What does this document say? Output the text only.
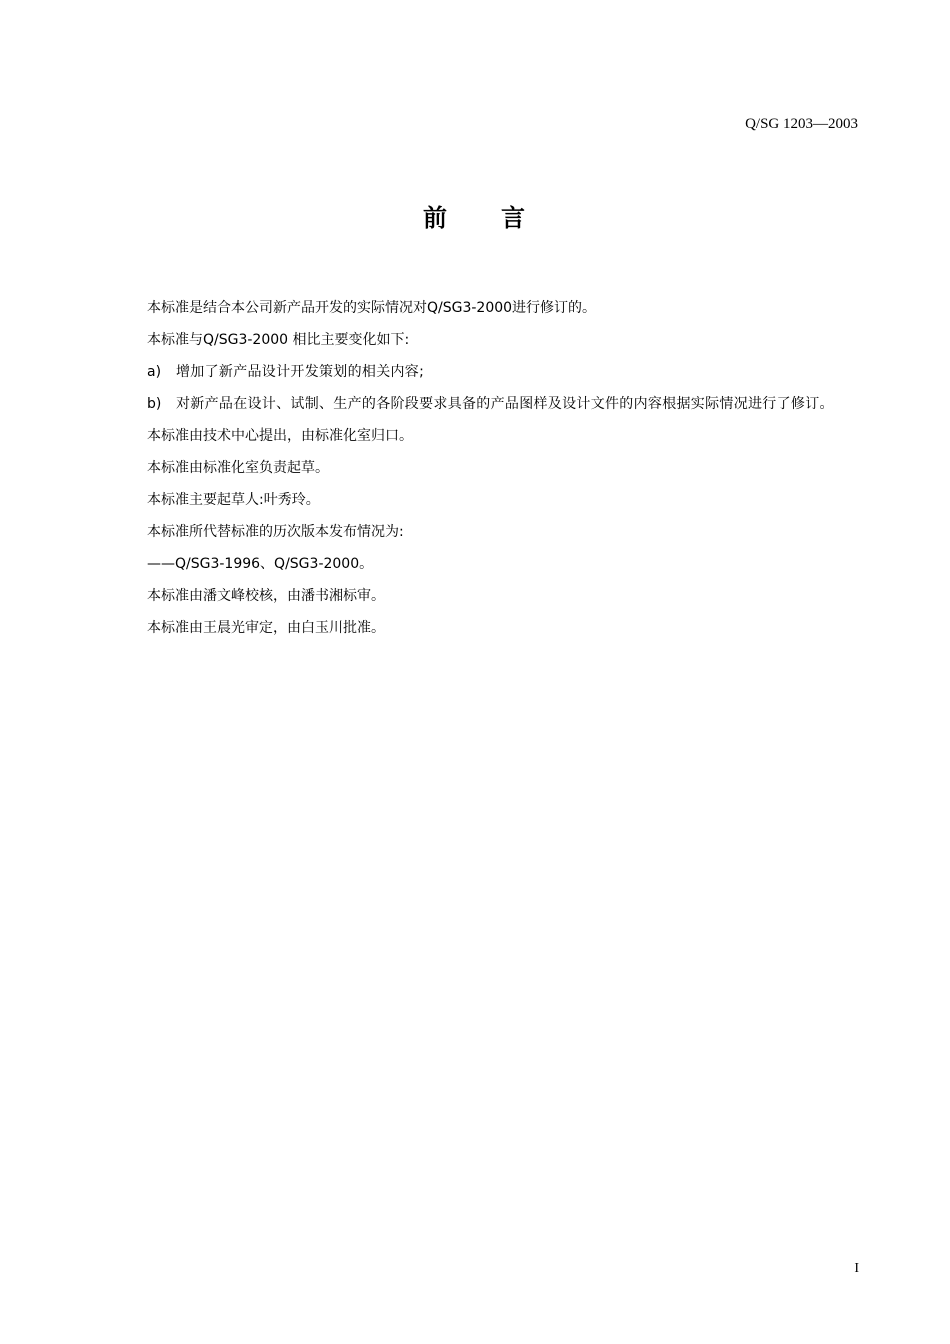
Q/SG 1203—2003
前 言
本标准是结合本公司新产品开发的实际情况对Q/SG3-2000进行修订的。
本标准与Q/SG3-2000 相比主要变化如下:
a)	增加了新产品设计开发策划的相关内容;
b)	对新产品在设计、试制、生产的各阶段要求具备的产品图样及设计文件的内容根据实际情况进行了修订。
本标准由技术中心提出，由标准化室归口。
本标准由标准化室负责起草。
本标准主要起草人:叶秀玲。
本标准所代替标准的历次版本发布情况为:
——Q/SG3-1996、Q/SG3-2000。
本标准由潘文峰校核，由潘书湘标审。
本标准由王晨光审定，由白玉川批准。
I
